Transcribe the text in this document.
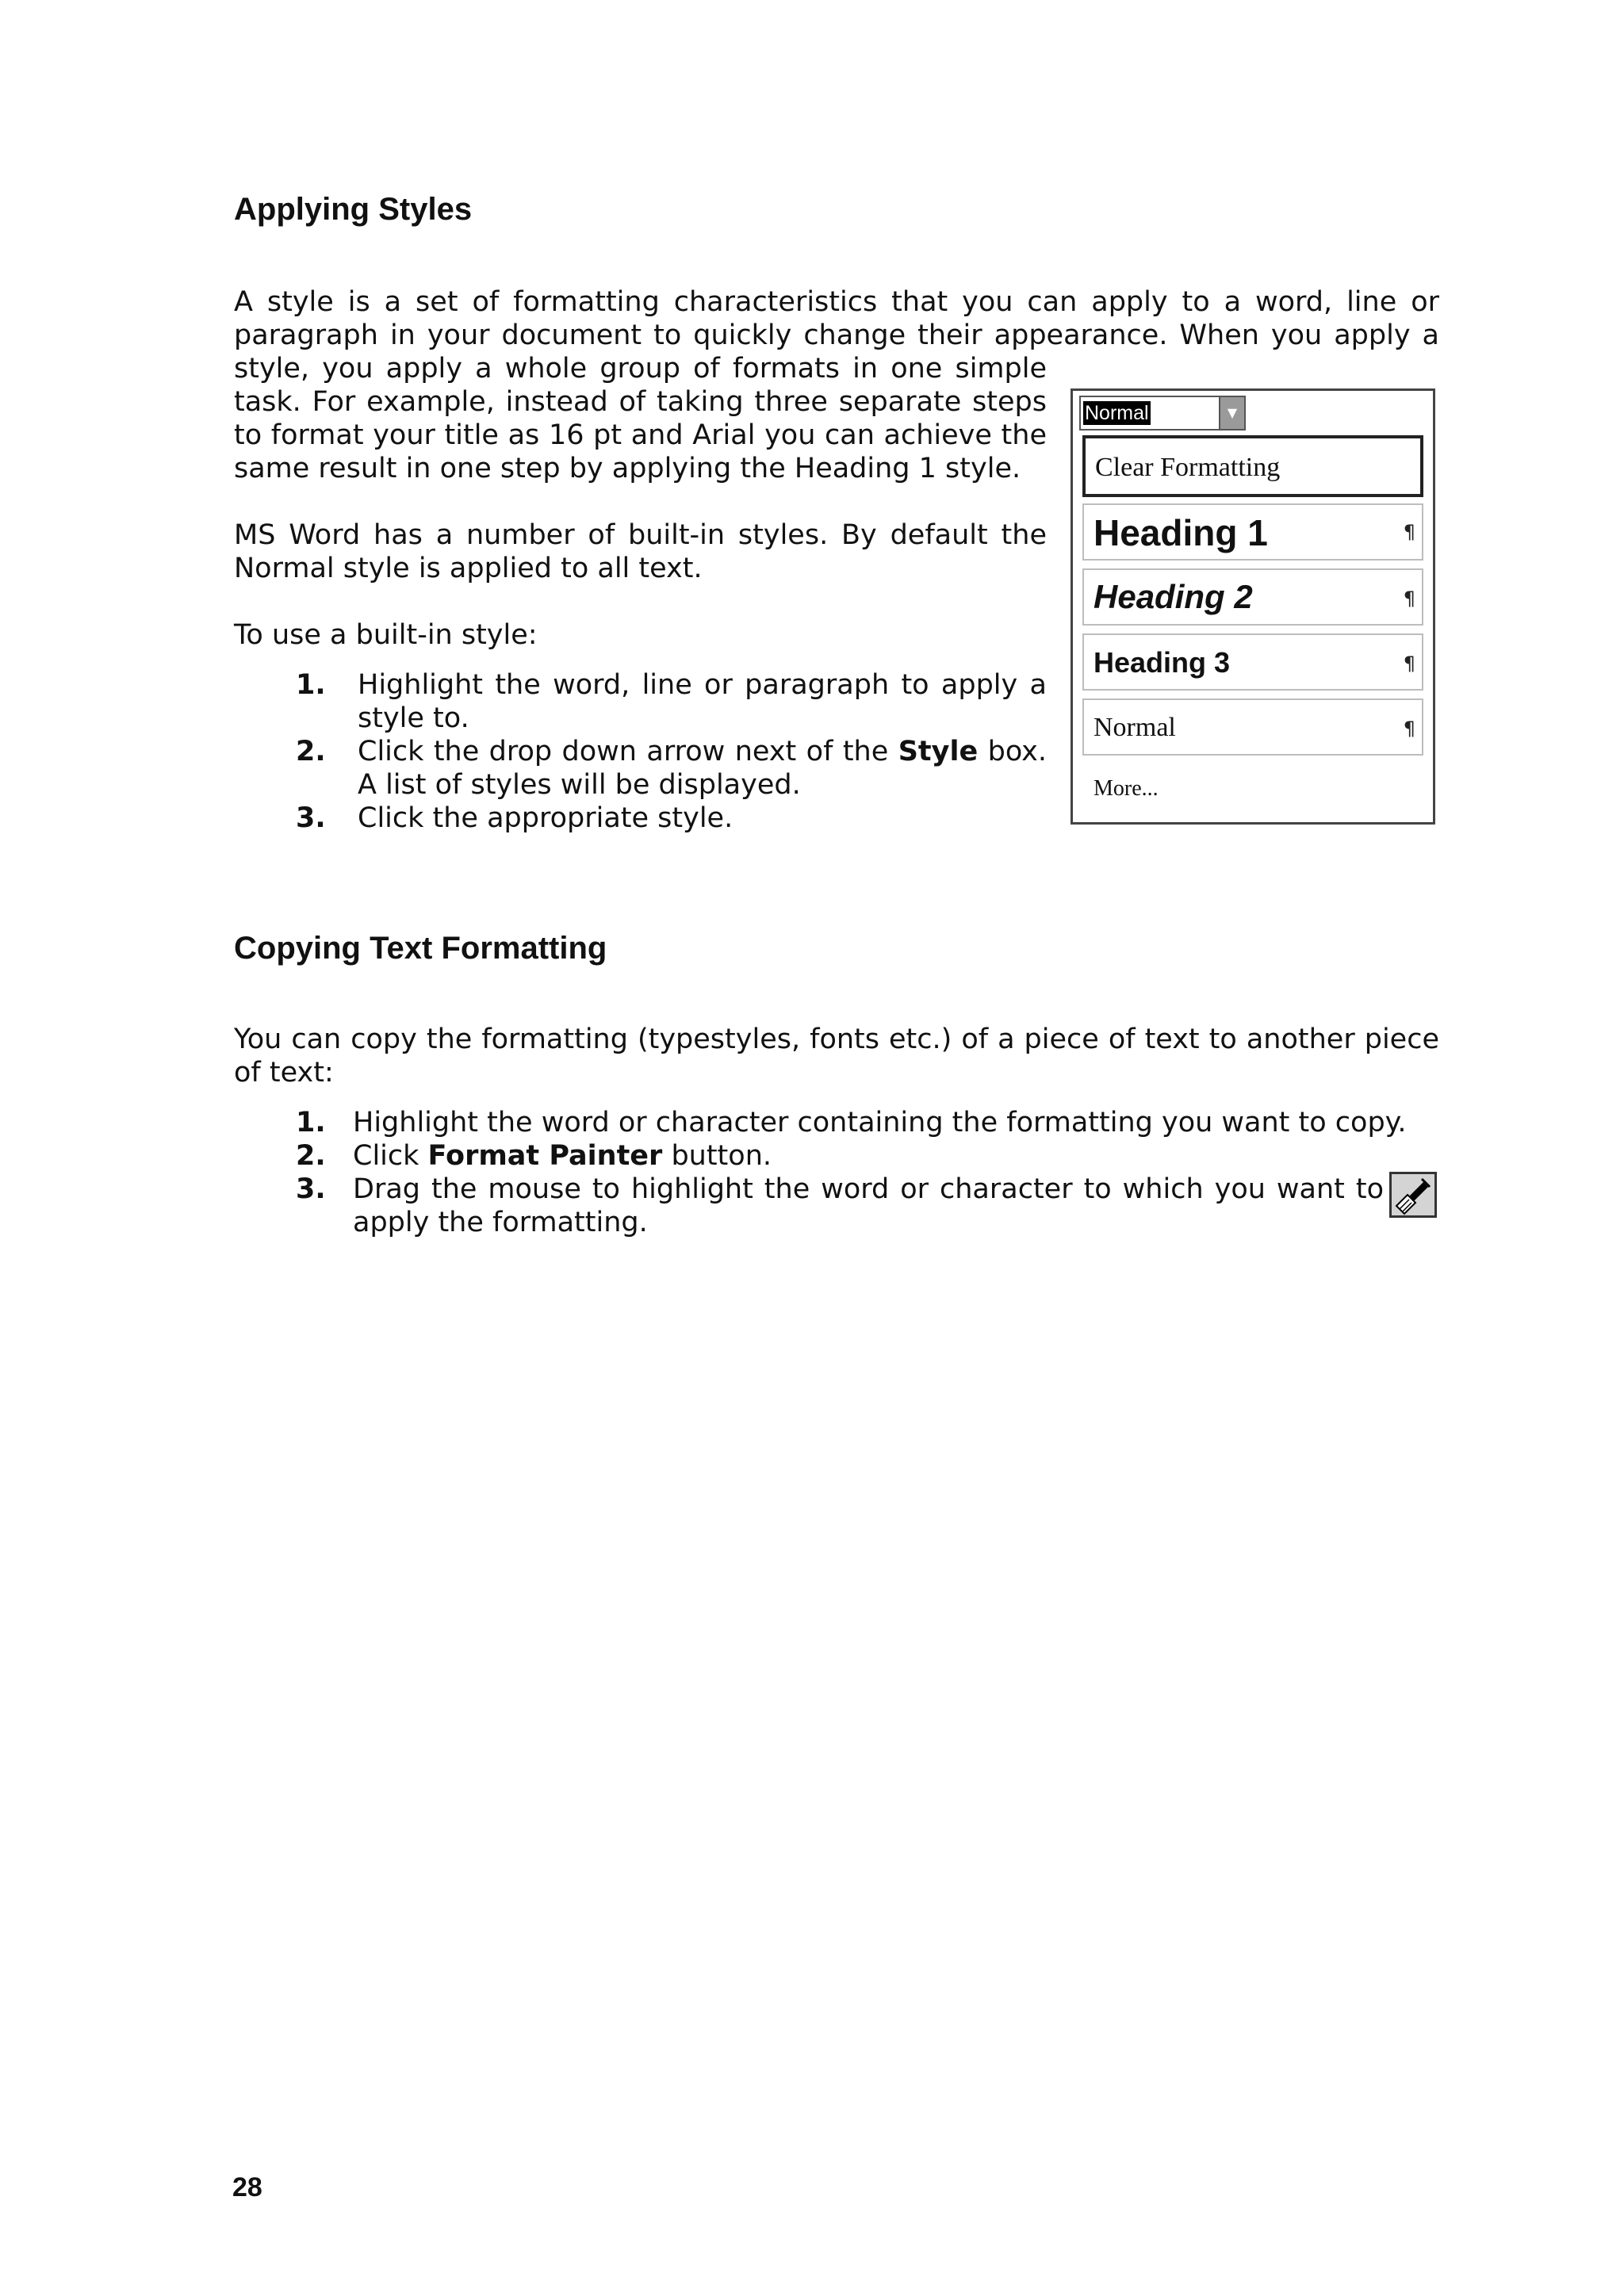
Applying Styles

A style is a set of formatting characteristics that you can apply to a word, line or

paragraph in your document to quickly change their appearance. When you apply a

style, you apply a whole group of formats in one simple

task. For example, instead of taking three separate steps

to format your title as 16 pt and Arial you can achieve the

same result in one step by applying the Heading 1 style.

MS Word has a number of built-in styles. By default the Normal style is applied to all text.

To use a built-in style:

1. Highlight the word, line or paragraph to apply a style to.
2. Click the drop down arrow next of the Style box. A list of styles will be displayed.
3. Click the appropriate style.
Normal	▼
Clear Formatting
Heading 1	¶
Heading 2	¶
Heading 3	¶
Normal	¶
More...
Copying Text Formatting

You can copy the formatting (typestyles, fonts etc.) of a piece of text to another piece of text:

1. Highlight the word or character containing the formatting you want to copy.
2. Click Format Painter button.
3. Drag the mouse to highlight the word or character to which you want to apply the formatting.
28
